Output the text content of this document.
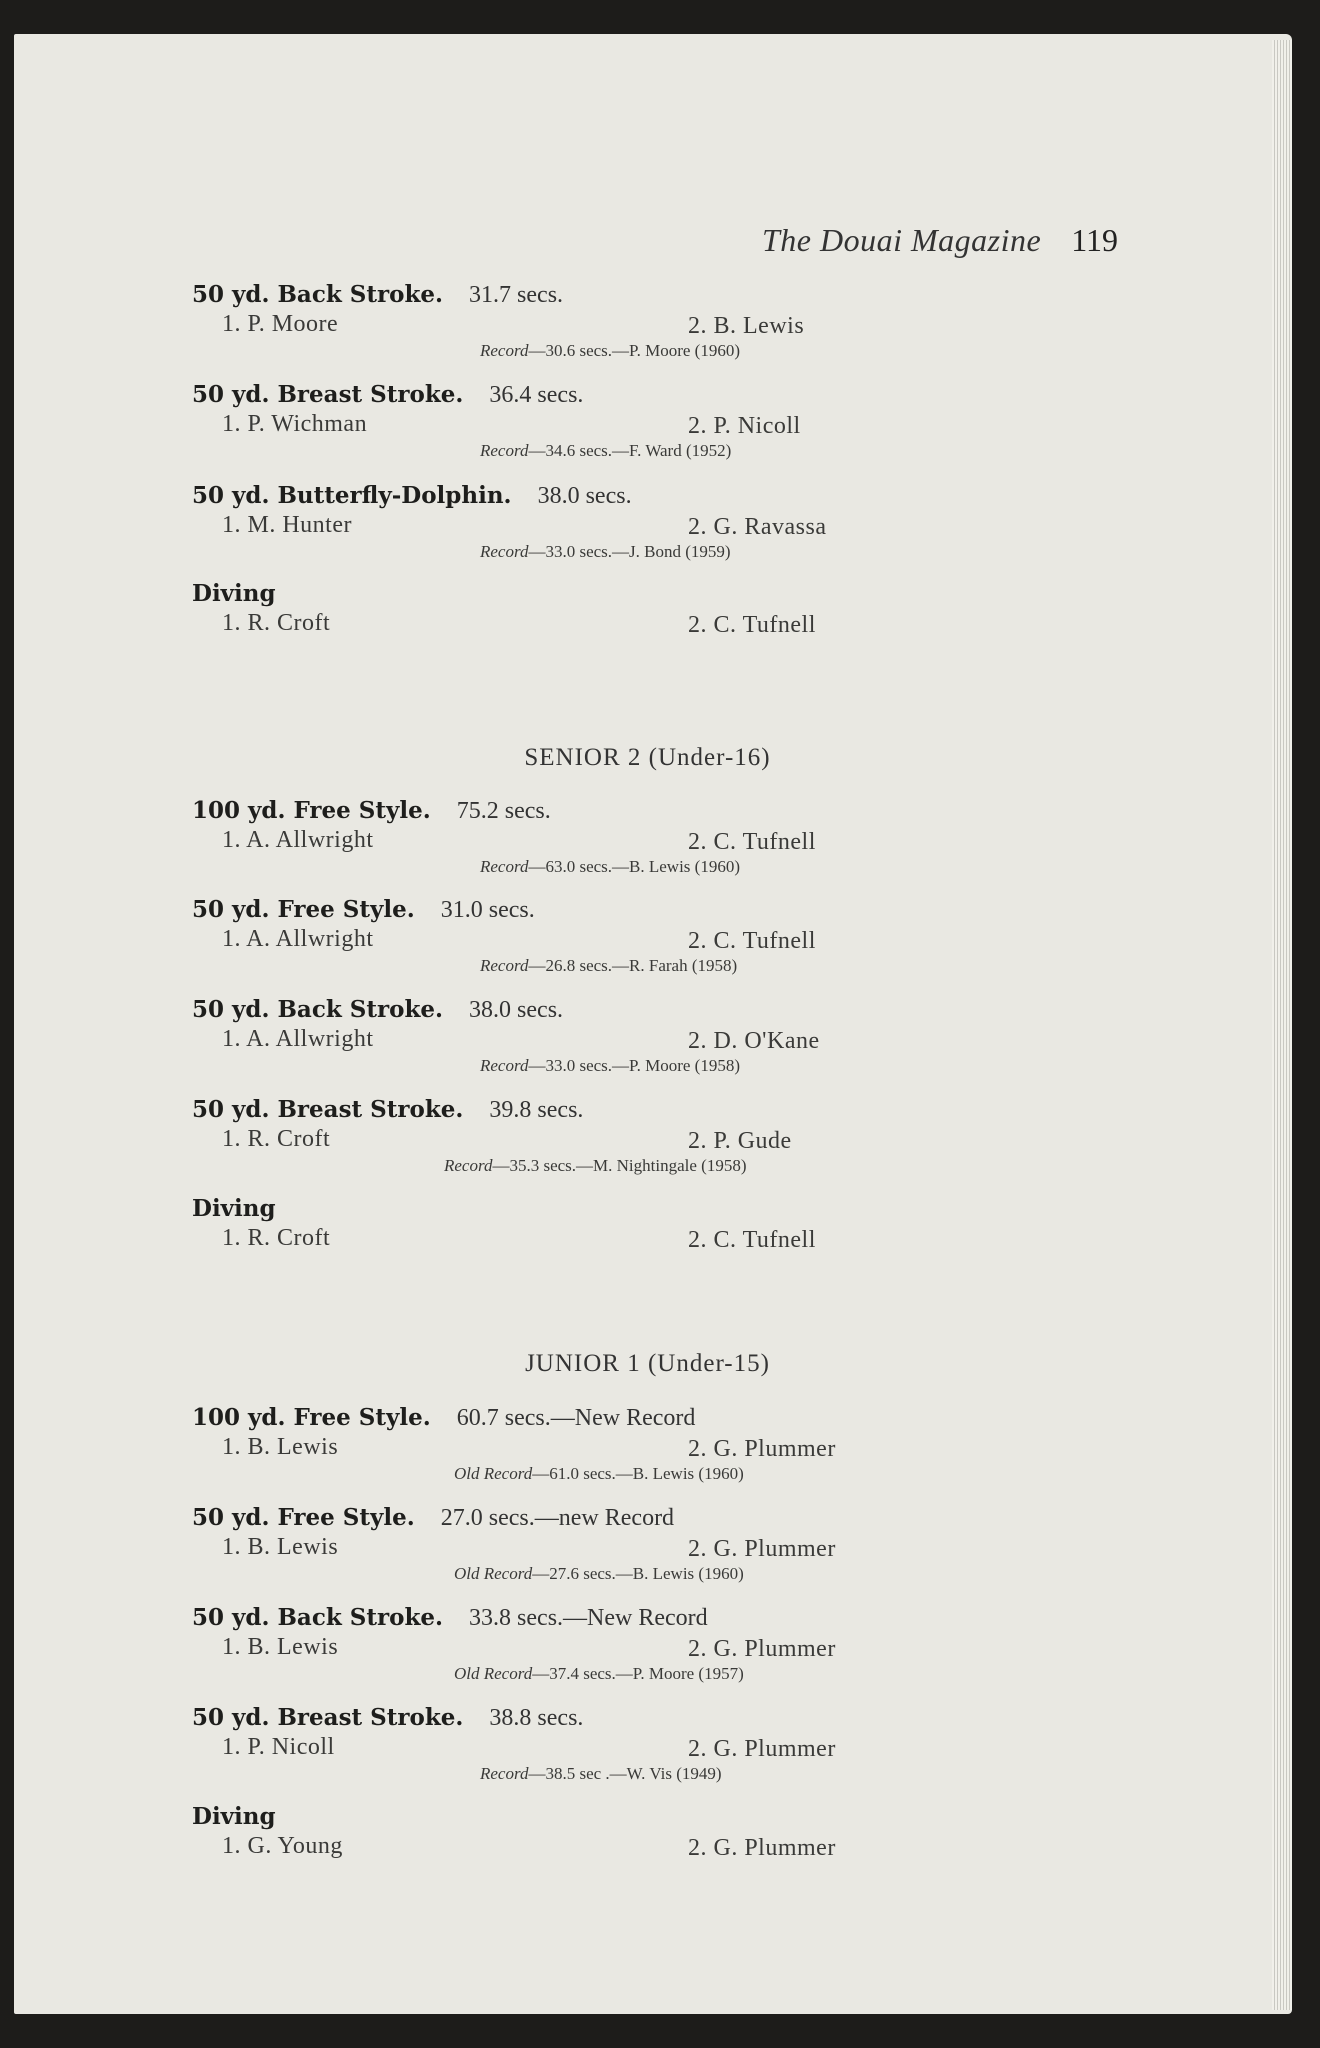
The Douai Magazine 119
50 yd. Back Stroke. 31.7 secs.
1. P. Moore	2. B. Lewis
Record—30.6 secs.—P. Moore (1960)
50 yd. Breast Stroke. 36.4 secs.
1. P. Wichman	2. P. Nicoll
Record—34.6 secs.—F. Ward (1952)
50 yd. Butterfly-Dolphin. 38.0 secs.
1. M. Hunter	2. G. Ravassa
Record—33.0 secs.—J. Bond (1959)
Diving
1. R. Croft	2. C. Tufnell
SENIOR 2 (Under-16)
100 yd. Free Style. 75.2 secs.
1. A. Allwright	2. C. Tufnell
Record—63.0 secs.—B. Lewis (1960)
50 yd. Free Style. 31.0 secs.
1. A. Allwright	2. C. Tufnell
Record—26.8 secs.—R. Farah (1958)
50 yd. Back Stroke. 38.0 secs.
1. A. Allwright	2. D. O'Kane
Record—33.0 secs.—P. Moore (1958)
50 yd. Breast Stroke. 39.8 secs.
1. R. Croft	2. P. Gude
Record—35.3 secs.—M. Nightingale (1958)
Diving
1. R. Croft	2. C. Tufnell
JUNIOR 1 (Under-15)
100 yd. Free Style. 60.7 secs.—New Record
1. B. Lewis	2. G. Plummer
Old Record—61.0 secs.—B. Lewis (1960)
50 yd. Free Style. 27.0 secs.—new Record
1. B. Lewis	2. G. Plummer
Old Record—27.6 secs.—B. Lewis (1960)
50 yd. Back Stroke. 33.8 secs.—New Record
1. B. Lewis	2. G. Plummer
Old Record—37.4 secs.—P. Moore (1957)
50 yd. Breast Stroke. 38.8 secs.
1. P. Nicoll	2. G. Plummer
Record—38.5 sec .—W. Vis (1949)
Diving
1. G. Young	2. G. Plummer
